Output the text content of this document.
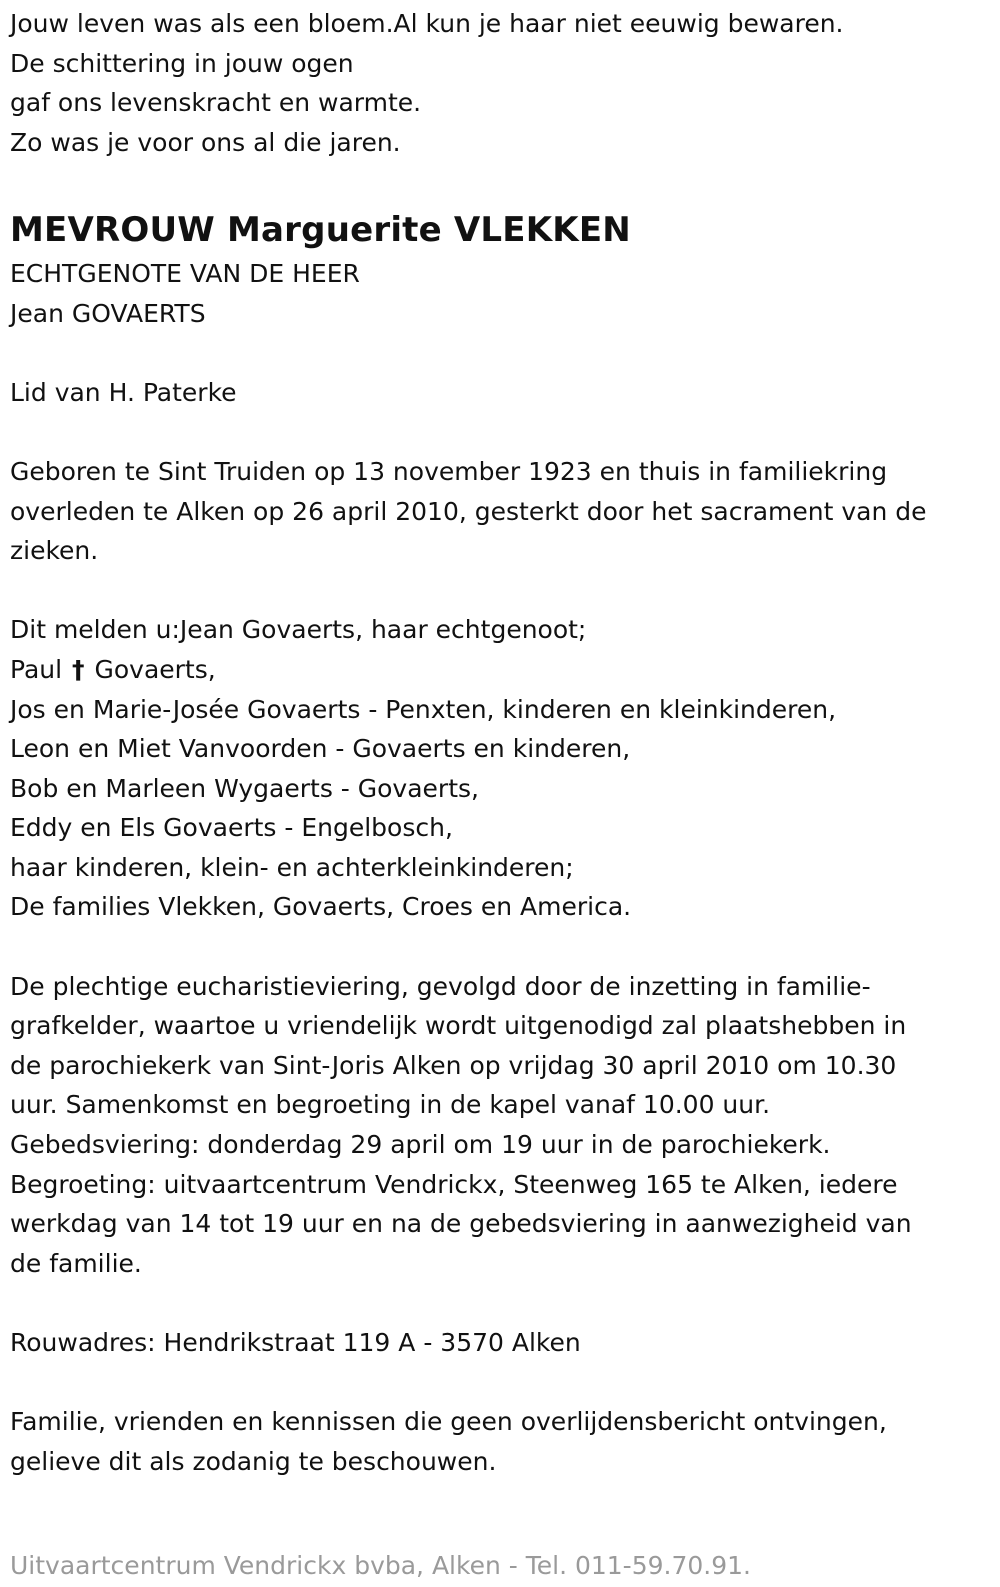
Jouw leven was als een bloem.Al kun je haar niet eeuwig bewaren.

De schittering in jouw ogen

gaf ons levenskracht en warmte.

Zo was je voor ons al die jaren.

MEVROUW Marguerite VLEKKEN

ECHTGENOTE VAN DE HEER

Jean GOVAERTS

Lid van H. Paterke

Geboren te Sint Truiden op 13 november 1923 en thuis in familiekring

overleden te Alken op 26 april 2010, gesterkt door het sacrament van de

zieken.

Dit melden u:Jean Govaerts, haar echtgenoot;

Paul † Govaerts,

Jos en Marie-Josée Govaerts - Penxten, kinderen en kleinkinderen,

Leon en Miet Vanvoorden - Govaerts en kinderen,

Bob en Marleen Wygaerts - Govaerts,

Eddy en Els Govaerts - Engelbosch,

haar kinderen, klein- en achterkleinkinderen;

De families Vlekken, Govaerts, Croes en America.

De plechtige eucharistieviering, gevolgd door de inzetting in familie-

grafkelder, waartoe u vriendelijk wordt uitgenodigd zal plaatshebben in

de parochiekerk van Sint-Joris Alken op vrijdag 30 april 2010 om 10.30

uur. Samenkomst en begroeting in de kapel vanaf 10.00 uur.

Gebedsviering: donderdag 29 april om 19 uur in de parochiekerk.

Begroeting: uitvaartcentrum Vendrickx, Steenweg 165 te Alken, iedere

werkdag van 14 tot 19 uur en na de gebedsviering in aanwezigheid van

de familie.

Rouwadres: Hendrikstraat 119 A - 3570 Alken

Familie, vrienden en kennissen die geen overlijdensbericht ontvingen,

gelieve dit als zodanig te beschouwen.

Uitvaartcentrum Vendrickx bvba, Alken - Tel. 011-59.70.91.
